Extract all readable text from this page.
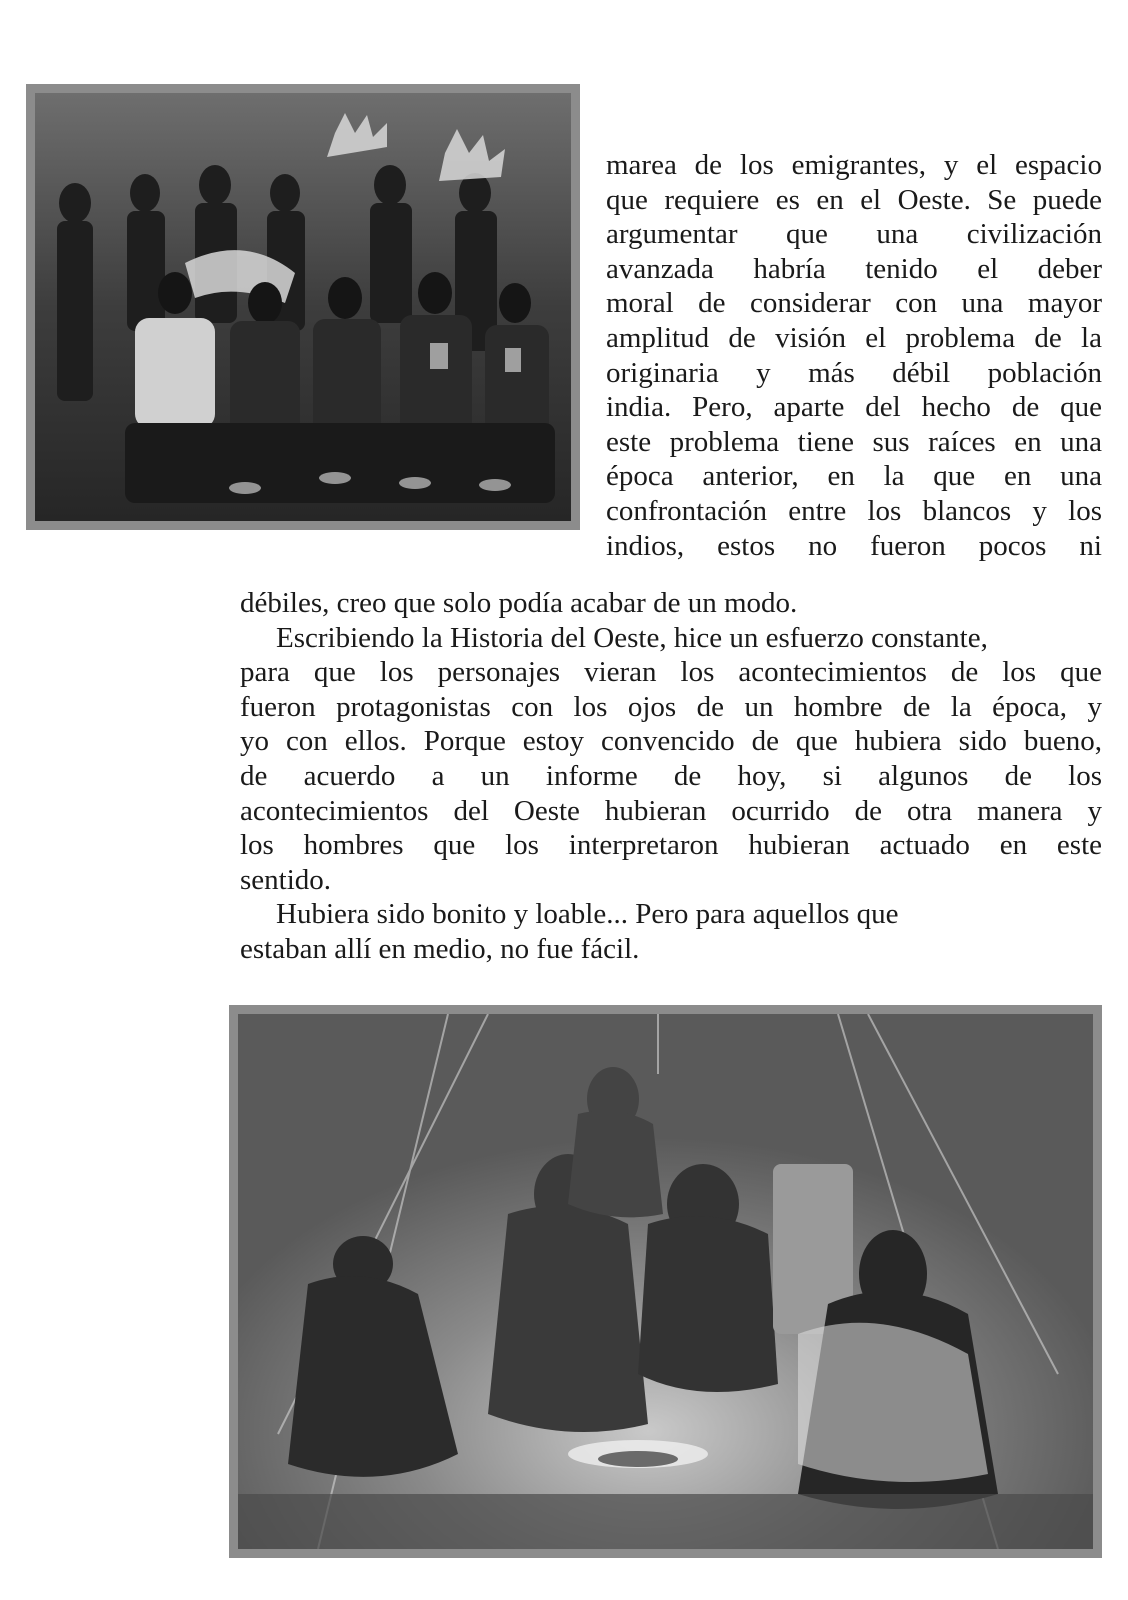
marea de los emigrantes, y el espacio
que requiere es en el Oeste. Se puede
argumentar que una civilización
avanzada habría tenido el deber
moral de considerar con una mayor
amplitud de visión el problema de la
originaria y más débil población
india. Pero, aparte del hecho de que
este problema tiene sus raíces en una
época anterior, en la que en una
confrontación entre los blancos y los
indios, estos no fueron pocos ni
débiles, creo que solo podía acabar de un modo.
Escribiendo la Historia del Oeste, hice un esfuerzo constante,
para que los personajes vieran los acontecimientos de los que
fueron protagonistas con los ojos de un hombre de la época, y
yo con ellos. Porque estoy convencido de que hubiera sido bueno,
de acuerdo a un informe de hoy, si algunos de los
acontecimientos del Oeste hubieran ocurrido de otra manera y
los hombres que los interpretaron hubieran actuado en este
sentido.
Hubiera sido bonito y loable... Pero para aquellos que
estaban allí en medio, no fue fácil.
